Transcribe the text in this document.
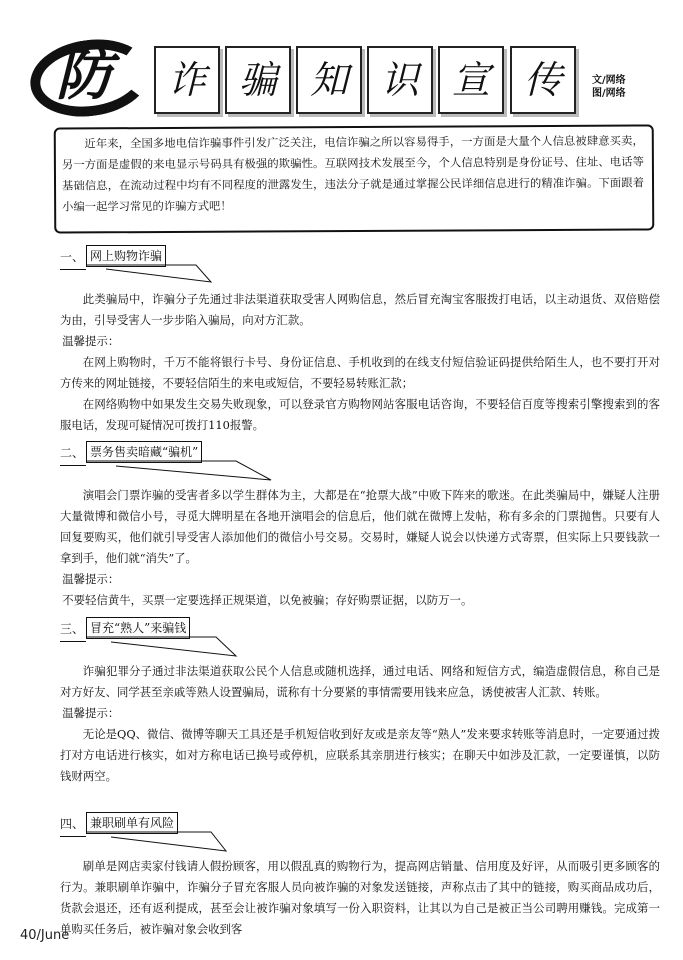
防	诈 骗 知 识 宣 传	文/网络
图/网络

近年来，全国多地电信诈骗事件引发广泛关注，电信诈骗之所以容易得手，一方面是大量个人信息被肆意买卖，另一方面是虚假的来电显示号码具有极强的欺骗性。互联网技术发展至今，个人信息特别是身份证号、住址、电话等基础信息，在流动过程中均有不同程度的泄露发生，违法分子就是通过掌握公民详细信息进行的精准诈骗。下面跟着小编一起学习常见的诈骗方式吧！

一、 网上购物诈骗

此类骗局中，诈骗分子先通过非法渠道获取受害人网购信息，然后冒充淘宝客服拨打电话，以主动退货、双倍赔偿为由，引导受害人一步步陷入骗局，向对方汇款。

温馨提示：

在网上购物时，千万不能将银行卡号、身份证信息、手机收到的在线支付短信验证码提供给陌生人，也不要打开对方传来的网址链接，不要轻信陌生的来电或短信，不要轻易转账汇款；

在网络购物中如果发生交易失败现象，可以登录官方购物网站客服电话咨询，不要轻信百度等搜索引擎搜索到的客服电话，发现可疑情况可拨打110报警。

二、 票务售卖暗藏“骗机”

演唱会门票诈骗的受害者多以学生群体为主，大都是在“抢票大战”中败下阵来的歌迷。在此类骗局中，嫌疑人注册大量微博和微信小号，寻觅大牌明星在各地开演唱会的信息后，他们就在微博上发帖，称有多余的门票抛售。只要有人回复要购买，他们就引导受害人添加他们的微信小号交易。交易时，嫌疑人说会以快递方式寄票，但实际上只要钱款一拿到手，他们就“消失”了。

温馨提示：

不要轻信黄牛，买票一定要选择正规渠道，以免被骗；存好购票证据，以防万一。

三、 冒充“熟人”来骗钱

诈骗犯罪分子通过非法渠道获取公民个人信息或随机选择，通过电话、网络和短信方式，编造虚假信息，称自己是对方好友、同学甚至亲戚等熟人设置骗局，谎称有十分要紧的事情需要用钱来应急，诱使被害人汇款、转账。

温馨提示：

无论是QQ、微信、微博等聊天工具还是手机短信收到好友或是亲友等“熟人”发来要求转账等消息时，一定要通过拨打对方电话进行核实，如对方称电话已换号或停机，应联系其亲朋进行核实；在聊天中如涉及汇款，一定要谨慎，以防钱财两空。

四、 兼职刷单有风险

刷单是网店卖家付钱请人假扮顾客，用以假乱真的购物行为，提高网店销量、信用度及好评，从而吸引更多顾客的行为。兼职刷单诈骗中，诈骗分子冒充客服人员向被诈骗的对象发送链接，声称点击了其中的链接，购买商品成功后，货款会退还，还有返利提成，甚至会让被诈骗对象填写一份入职资料，让其以为自己是被正当公司聘用赚钱。完成第一单购买任务后，被诈骗对象会收到客

40/June
